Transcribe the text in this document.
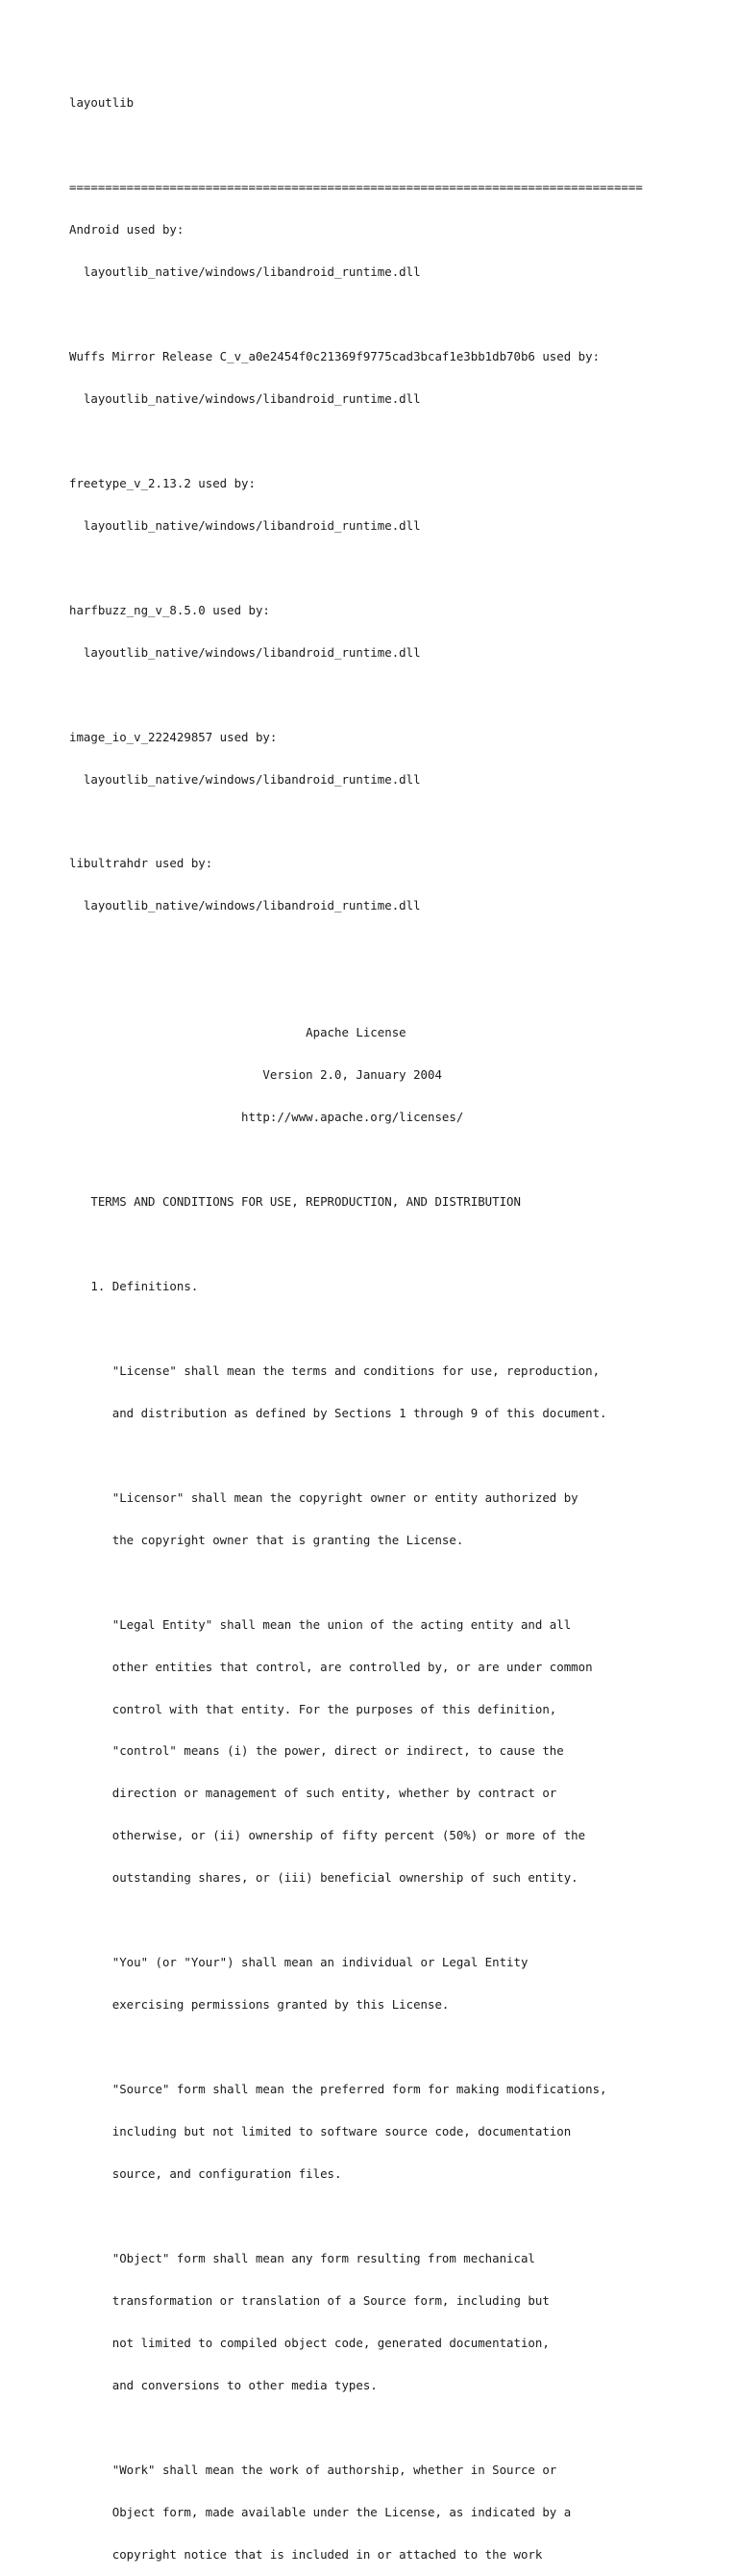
layoutlib

================================================================================

Android used by:

layoutlib_native/windows/libandroid_runtime.dll

Wuffs Mirror Release C_v_a0e2454f0c21369f9775cad3bcaf1e3bb1db70b6 used by:

layoutlib_native/windows/libandroid_runtime.dll

freetype_v_2.13.2 used by:

layoutlib_native/windows/libandroid_runtime.dll

harfbuzz_ng_v_8.5.0 used by:

layoutlib_native/windows/libandroid_runtime.dll

image_io_v_222429857 used by:

layoutlib_native/windows/libandroid_runtime.dll

libultrahdr used by:

layoutlib_native/windows/libandroid_runtime.dll

Apache License

Version 2.0, January 2004

http://www.apache.org/licenses/

TERMS AND CONDITIONS FOR USE, REPRODUCTION, AND DISTRIBUTION

1. Definitions.

"License" shall mean the terms and conditions for use, reproduction,

and distribution as defined by Sections 1 through 9 of this document.

"Licensor" shall mean the copyright owner or entity authorized by

the copyright owner that is granting the License.

"Legal Entity" shall mean the union of the acting entity and all

other entities that control, are controlled by, or are under common

control with that entity. For the purposes of this definition,

"control" means (i) the power, direct or indirect, to cause the

direction or management of such entity, whether by contract or

otherwise, or (ii) ownership of fifty percent (50%) or more of the

outstanding shares, or (iii) beneficial ownership of such entity.

"You" (or "Your") shall mean an individual or Legal Entity

exercising permissions granted by this License.

"Source" form shall mean the preferred form for making modifications,

including but not limited to software source code, documentation

source, and configuration files.

"Object" form shall mean any form resulting from mechanical

transformation or translation of a Source form, including but

not limited to compiled object code, generated documentation,

and conversions to other media types.

"Work" shall mean the work of authorship, whether in Source or

Object form, made available under the License, as indicated by a

copyright notice that is included in or attached to the work
